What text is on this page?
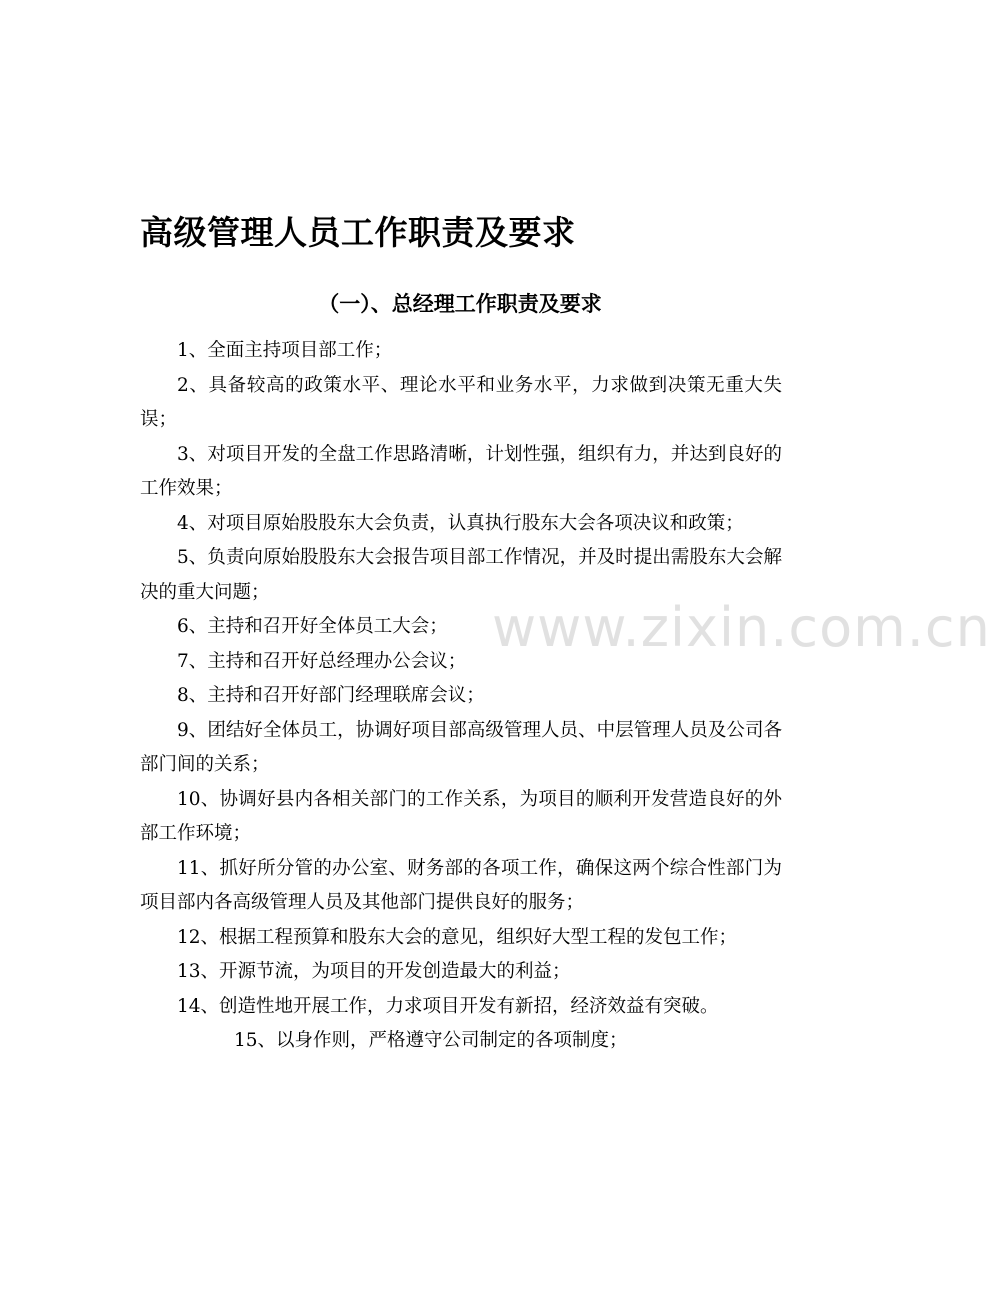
高级管理人员工作职责及要求
（一）、总经理工作职责及要求

1、全面主持项目部工作；

2、具备较高的政策水平、理论水平和业务水平，力求做到决策无重大失误；

3、对项目开发的全盘工作思路清晰，计划性强，组织有力，并达到良好的工作效果；

4、对项目原始股股东大会负责，认真执行股东大会各项决议和政策；

5、负责向原始股股东大会报告项目部工作情况，并及时提出需股东大会解决的重大问题；

6、主持和召开好全体员工大会；

7、主持和召开好总经理办公会议；

8、主持和召开好部门经理联席会议；

9、团结好全体员工，协调好项目部高级管理人员、中层管理人员及公司各部门间的关系；

10、协调好县内各相关部门的工作关系，为项目的顺利开发营造良好的外部工作环境；

11、抓好所分管的办公室、财务部的各项工作，确保这两个综合性部门为项目部内各高级管理人员及其他部门提供良好的服务；

12、根据工程预算和股东大会的意见，组织好大型工程的发包工作；

13、开源节流，为项目的开发创造最大的利益；

14、创造性地开展工作，力求项目开发有新招，经济效益有突破。

15、以身作则，严格遵守公司制定的各项制度；

www.zixin.com.cn
